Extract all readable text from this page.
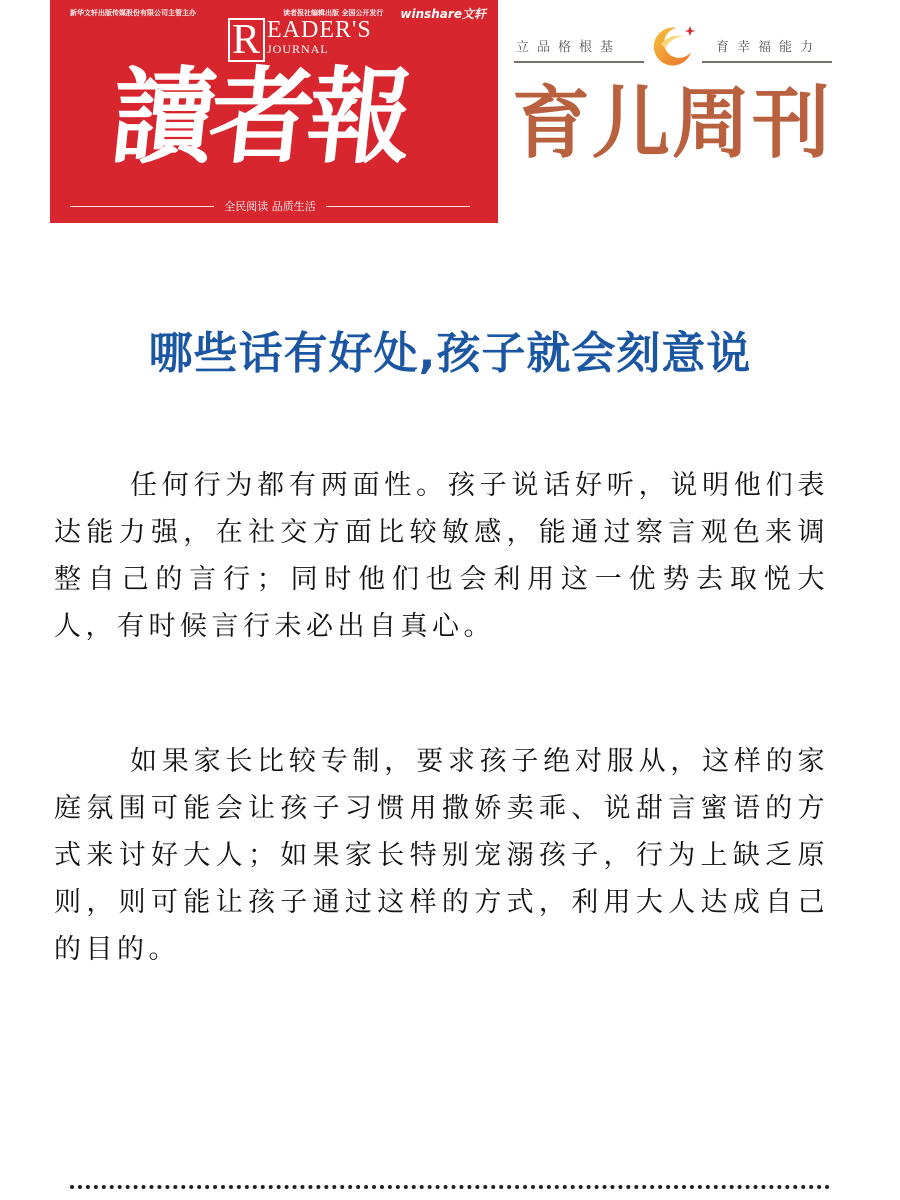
新华文轩出版传媒股份有限公司主管主办	读者报社编辑出版 全国公开发行 winshare文轩
R EADER'S
JOURNAL
讀者報
全民阅读 品质生活
立品格根基	育幸福能力
育儿周刊
哪些话有好处,孩子就会刻意说

任何行为都有两面性。孩子说话好听，说明他们表达能力强，在社交方面比较敏感，能通过察言观色来调整自己的言行；同时他们也会利用这一优势去取悦大人，有时候言行未必出自真心。

如果家长比较专制，要求孩子绝对服从，这样的家庭氛围可能会让孩子习惯用撒娇卖乖、说甜言蜜语的方式来讨好大人；如果家长特别宠溺孩子，行为上缺乏原则，则可能让孩子通过这样的方式，利用大人达成自己的目的。
